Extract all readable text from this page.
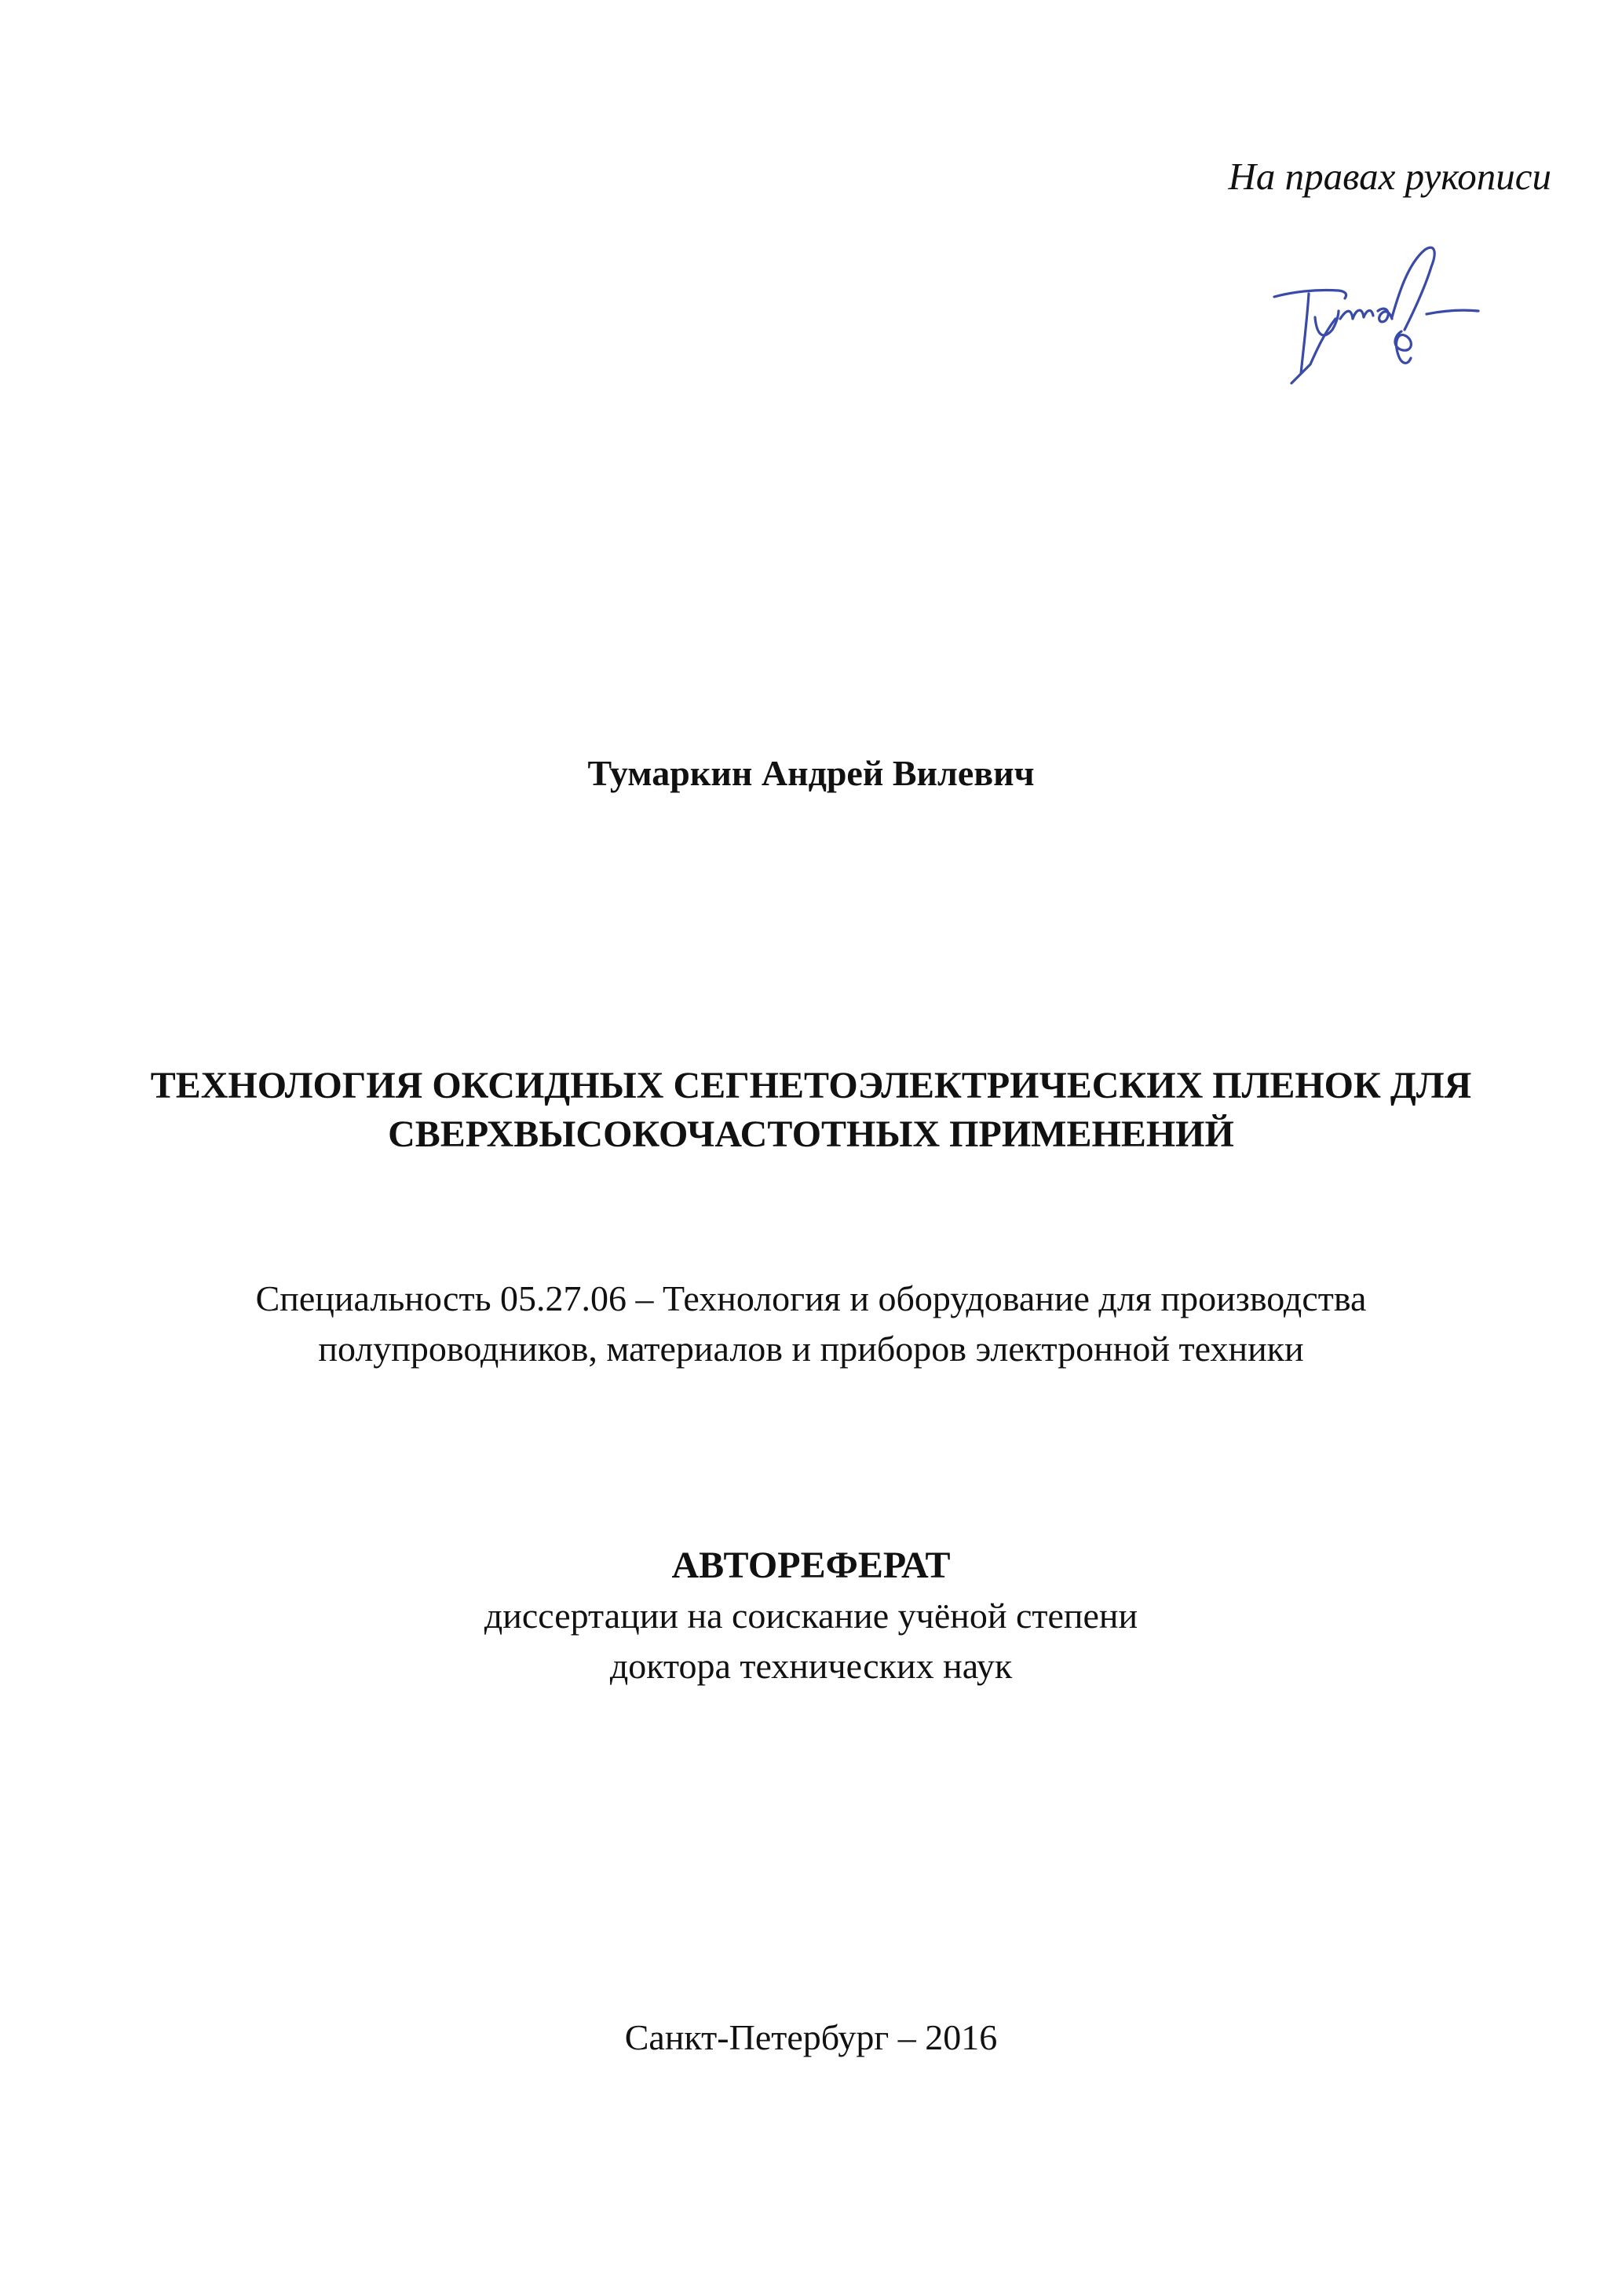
На правах рукописи
Тумаркин Андрей Вилевич
ТЕХНОЛОГИЯ ОКСИДНЫХ СЕГНЕТОЭЛЕКТРИЧЕСКИХ ПЛЕНОК ДЛЯ
СВЕРХВЫСОКОЧАСТОТНЫХ ПРИМЕНЕНИЙ
Специальность 05.27.06 – Технология и оборудование для производства
полупроводников, материалов и приборов электронной техники
АВТОРЕФЕРАТ
диссертации на соискание учёной степени
доктора технических наук
Санкт-Петербург – 2016
